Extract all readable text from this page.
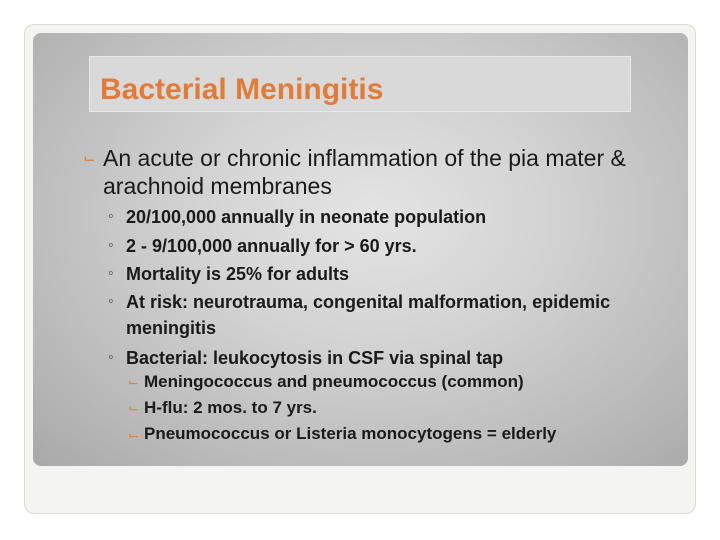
Bacterial Meningitis
⌙ An acute or chronic inflammation of the pia mater & arachnoid membranes
◦ 20/100,000 annually in neonate population
◦ 2 - 9/100,000 annually for > 60 yrs.
◦ Mortality is 25% for adults
◦ At risk: neurotrauma, congenital malformation, epidemic meningitis
◦ Bacterial: leukocytosis in CSF via spinal tap
⌙ Meningococcus and pneumococcus (common)
⌙ H-flu: 2 mos. to 7 yrs.
⌙ Pneumococcus or Listeria monocytogens = elderly
